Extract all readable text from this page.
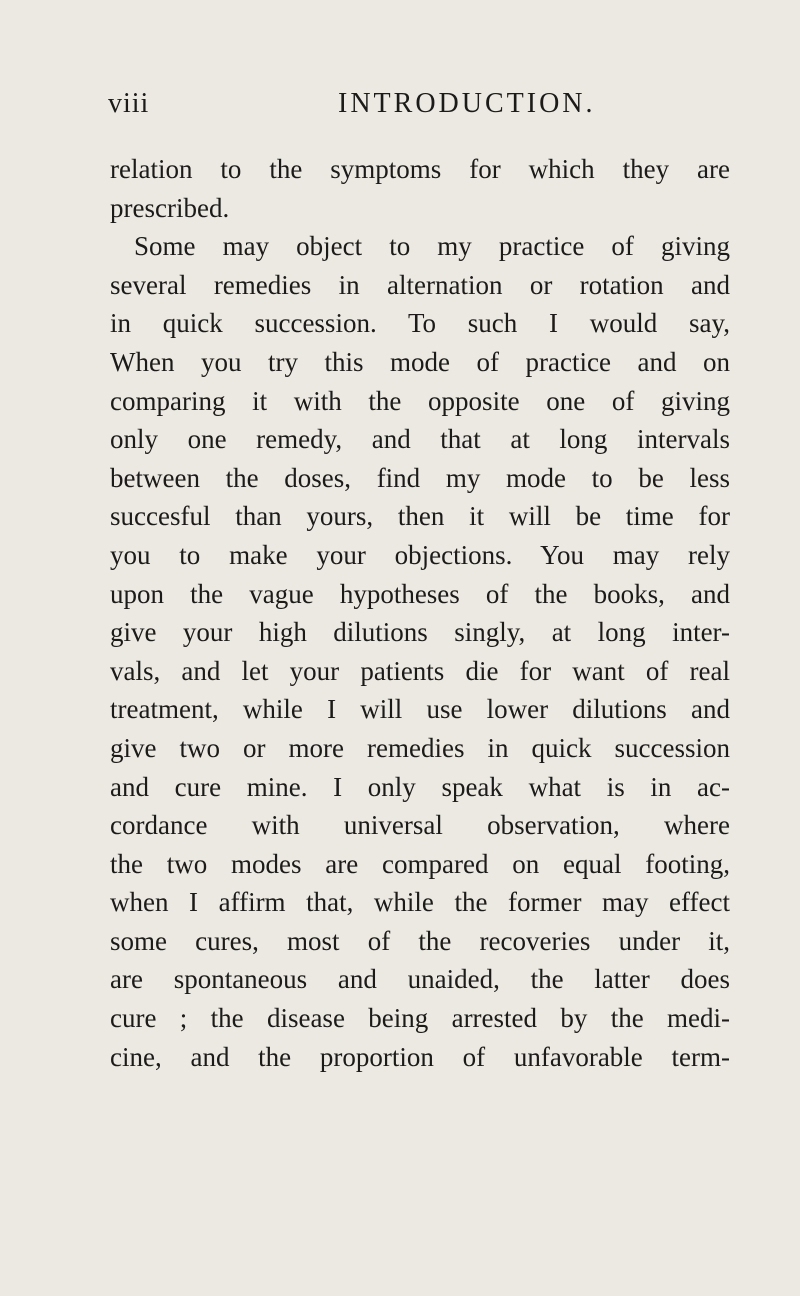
viii	INTRODUCTION.
relation to the symptoms for which they are
prescribed.
Some may object to my practice of giving
several remedies in alternation or rotation and
in quick succession. To such I would say,
When you try this mode of practice and on
comparing it with the opposite one of giving
only one remedy, and that at long intervals
between the doses, find my mode to be less
succesful than yours, then it will be time for
you to make your objections. You may rely
upon the vague hypotheses of the books, and
give your high dilutions singly, at long inter-
vals, and let your patients die for want of real
treatment, while I will use lower dilutions and
give two or more remedies in quick succession
and cure mine. I only speak what is in ac-
cordance with universal observation, where
the two modes are compared on equal footing,
when I affirm that, while the former may effect
some cures, most of the recoveries under it,
are spontaneous and unaided, the latter does
cure ; the disease being arrested by the medi-
cine, and the proportion of unfavorable term-
